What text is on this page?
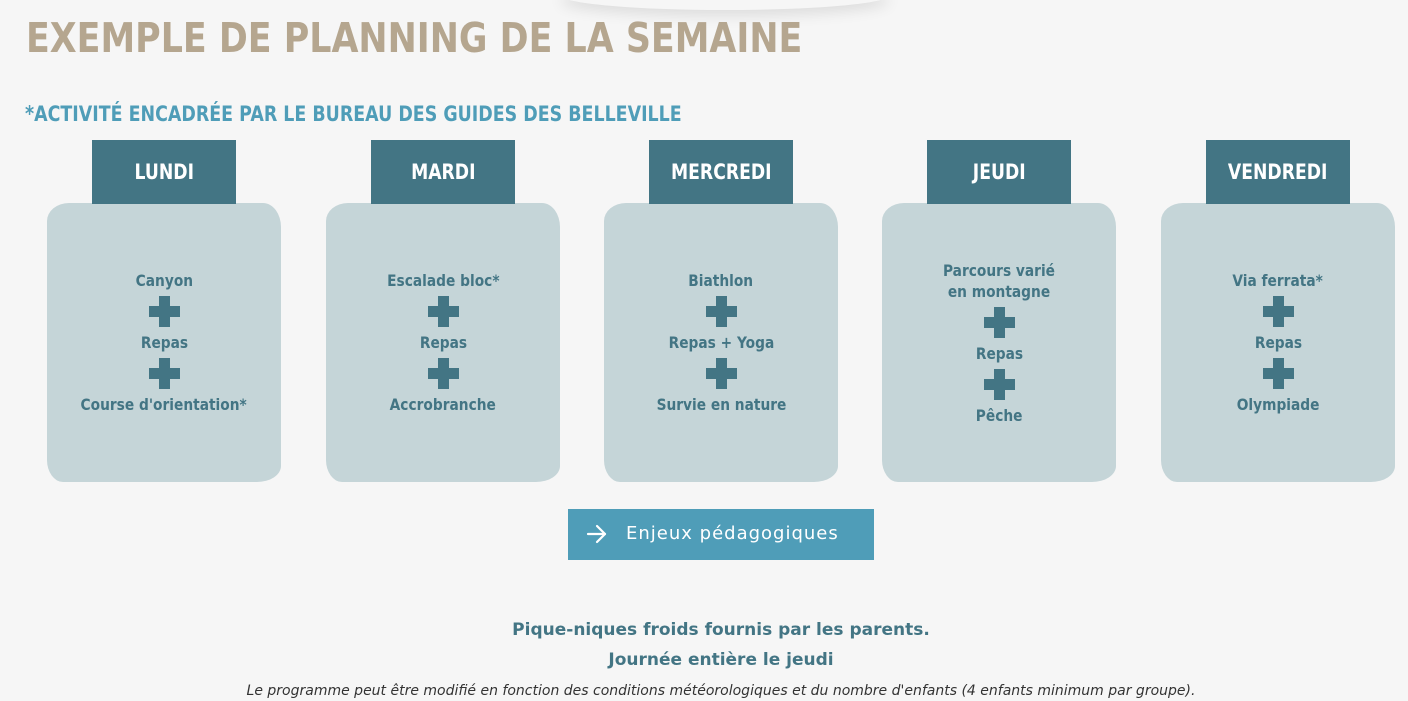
EXEMPLE DE PLANNING DE LA SEMAINE
*ACTIVITÉ ENCADRÉE PAR LE BUREAU DES GUIDES DES BELLEVILLE
LUNDI
Canyon
Repas
Course d'orientation*
MARDI
Escalade bloc*
Repas
Accrobranche
MERCREDI
Biathlon
Repas + Yoga
Survie en nature
JEUDI
Parcours varié en montagne
Repas
Pêche
VENDREDI
Via ferrata*
Repas
Olympiade
Enjeux pédagogiques
Pique-niques froids fournis par les parents.
Journée entière le jeudi
Le programme peut être modifié en fonction des conditions météorologiques et du nombre d'enfants (4 enfants minimum par groupe).
